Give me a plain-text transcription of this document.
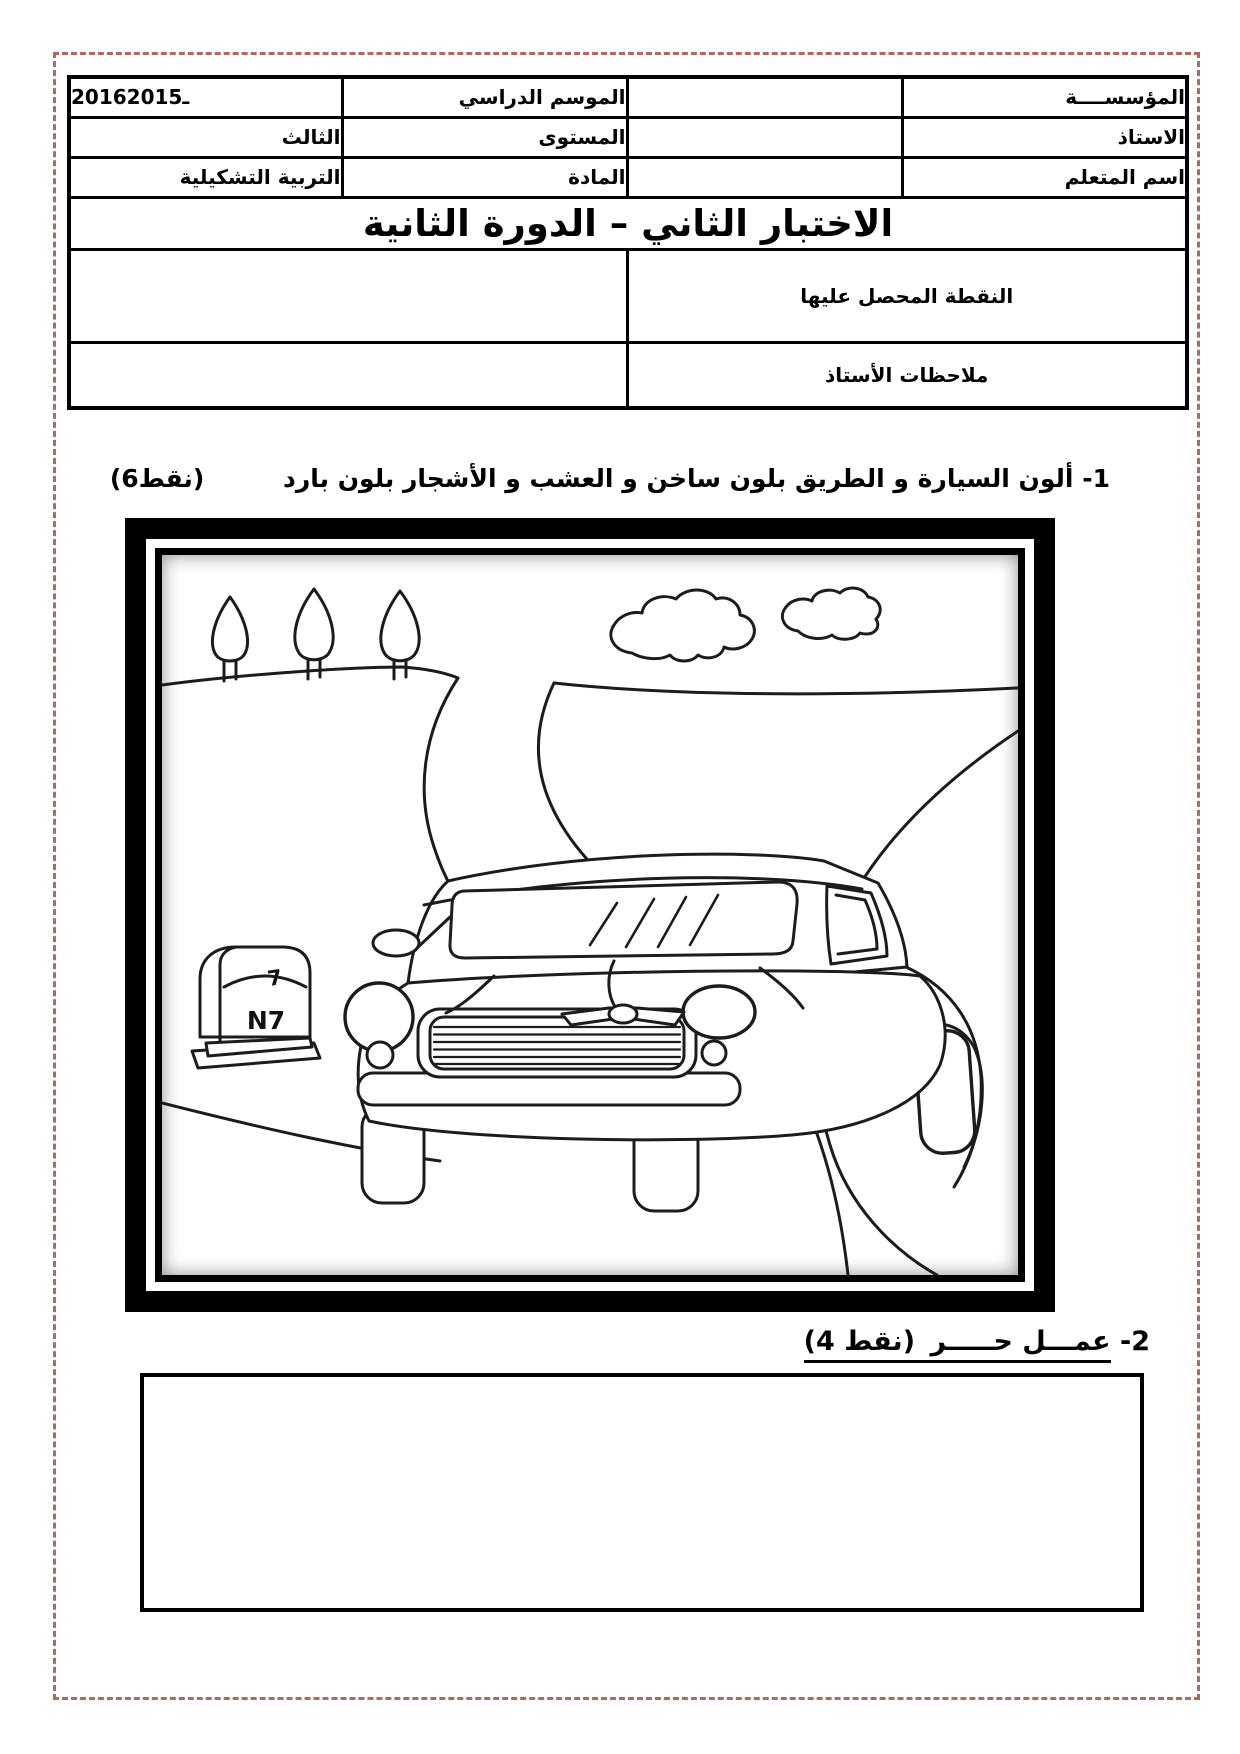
المؤسســــة		الموسم الدراسي	2016ـ2015

الاستاذ		المستوى	الثالث
اسم المتعلم		المادة	التربية التشكيلية
الاختبار الثاني – الدورة الثانية			
النقطة المحصل عليها			
ملاحظات الأستاذ			
1- ألون السيارة و الطريق بلون ساخن و العشب و الأشجار بلون بارد (6نقط)
7
N7
2- عمـــل حـــــر (4 نقط)
